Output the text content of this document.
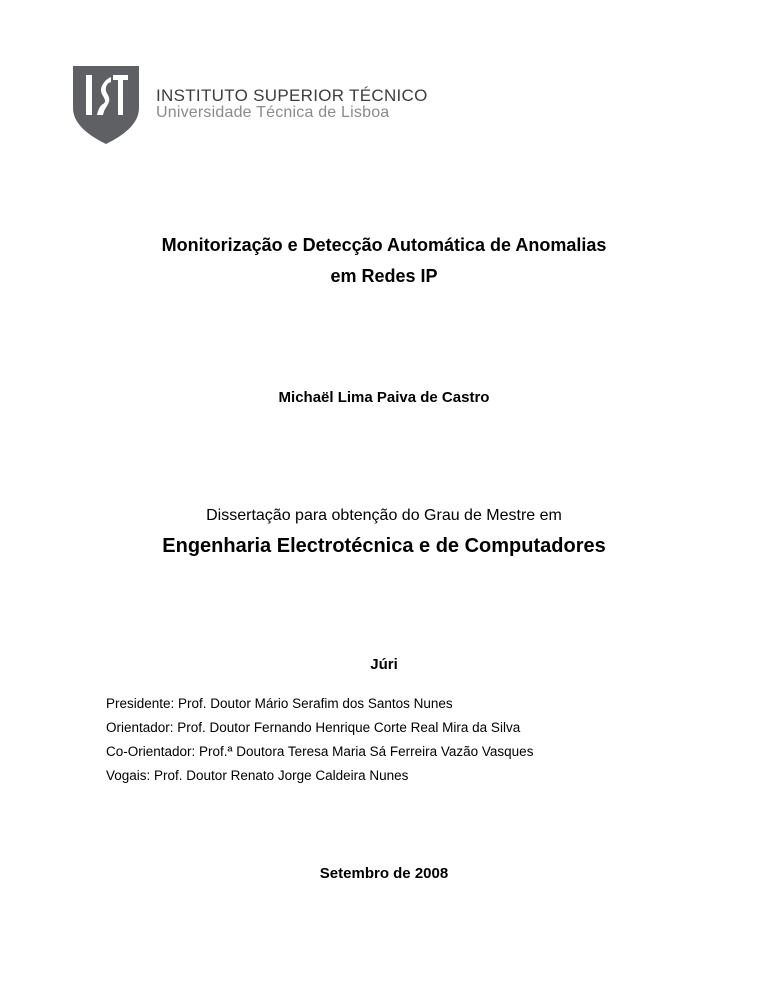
INSTITUTO SUPERIOR TÉCNICO
Universidade Técnica de Lisboa
Monitorização e Detecção Automática de Anomalias
em Redes IP
Michaël Lima Paiva de Castro
Dissertação para obtenção do Grau de Mestre em
Engenharia Electrotécnica e de Computadores
Júri
Presidente: Prof. Doutor Mário Serafim dos Santos Nunes
Orientador: Prof. Doutor Fernando Henrique Corte Real Mira da Silva
Co-Orientador: Prof.ª Doutora Teresa Maria Sá Ferreira Vazão Vasques
Vogais: Prof. Doutor Renato Jorge Caldeira Nunes
Setembro de 2008
